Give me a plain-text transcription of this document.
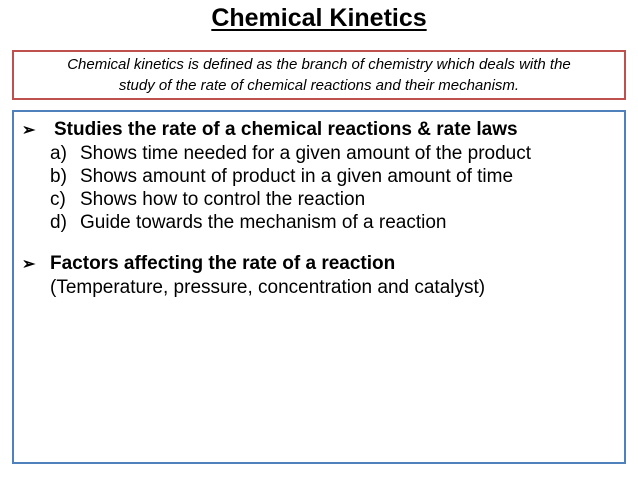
Chemical Kinetics
Chemical kinetics is defined as the branch of chemistry which deals with the
study of the rate of chemical reactions and their mechanism.
➢ Studies the rate of a chemical reactions & rate laws
a) Shows time needed for a given amount of the product
b) Shows amount of product in a given amount of time
c) Shows how to control the reaction
d) Guide towards the mechanism of a reaction
➢ Factors affecting the rate of a reaction
(Temperature, pressure, concentration and catalyst)
